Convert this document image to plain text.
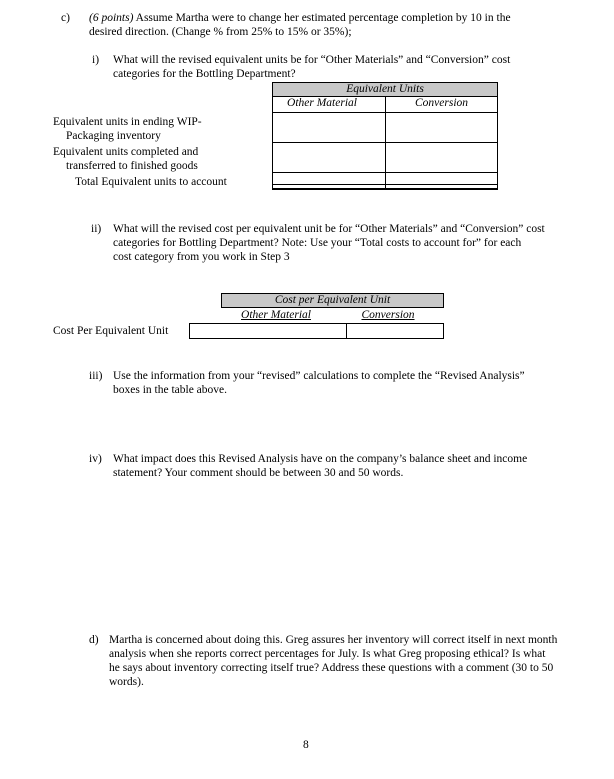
c) (6 points) Assume Martha were to change her estimated percentage completion by 10 in the
desired direction. (Change % from 25% to 15% or 35%);
i) What will the revised equivalent units be for “Other Materials” and “Conversion” cost
categories for the Bottling Department?
Equivalent Units
Other Material	Conversion
Equivalent units in ending WIP-
Packaging inventory
Equivalent units completed and
transferred to finished goods
Total Equivalent units to account
ii) What will the revised cost per equivalent unit be for “Other Materials” and “Conversion” cost
categories for Bottling Department? Note: Use your “Total costs to account for” for each
cost category from you work in Step 3
Cost per Equivalent Unit
Other Material	Conversion
Cost Per Equivalent Unit
iii) Use the information from your “revised” calculations to complete the “Revised Analysis”
boxes in the table above.
iv) What impact does this Revised Analysis have on the company’s balance sheet and income
statement? Your comment should be between 30 and 50 words.
d) Martha is concerned about doing this. Greg assures her inventory will correct itself in next month
analysis when she reports correct percentages for July. Is what Greg proposing ethical? Is what
he says about inventory correcting itself true? Address these questions with a comment (30 to 50
words).
8
